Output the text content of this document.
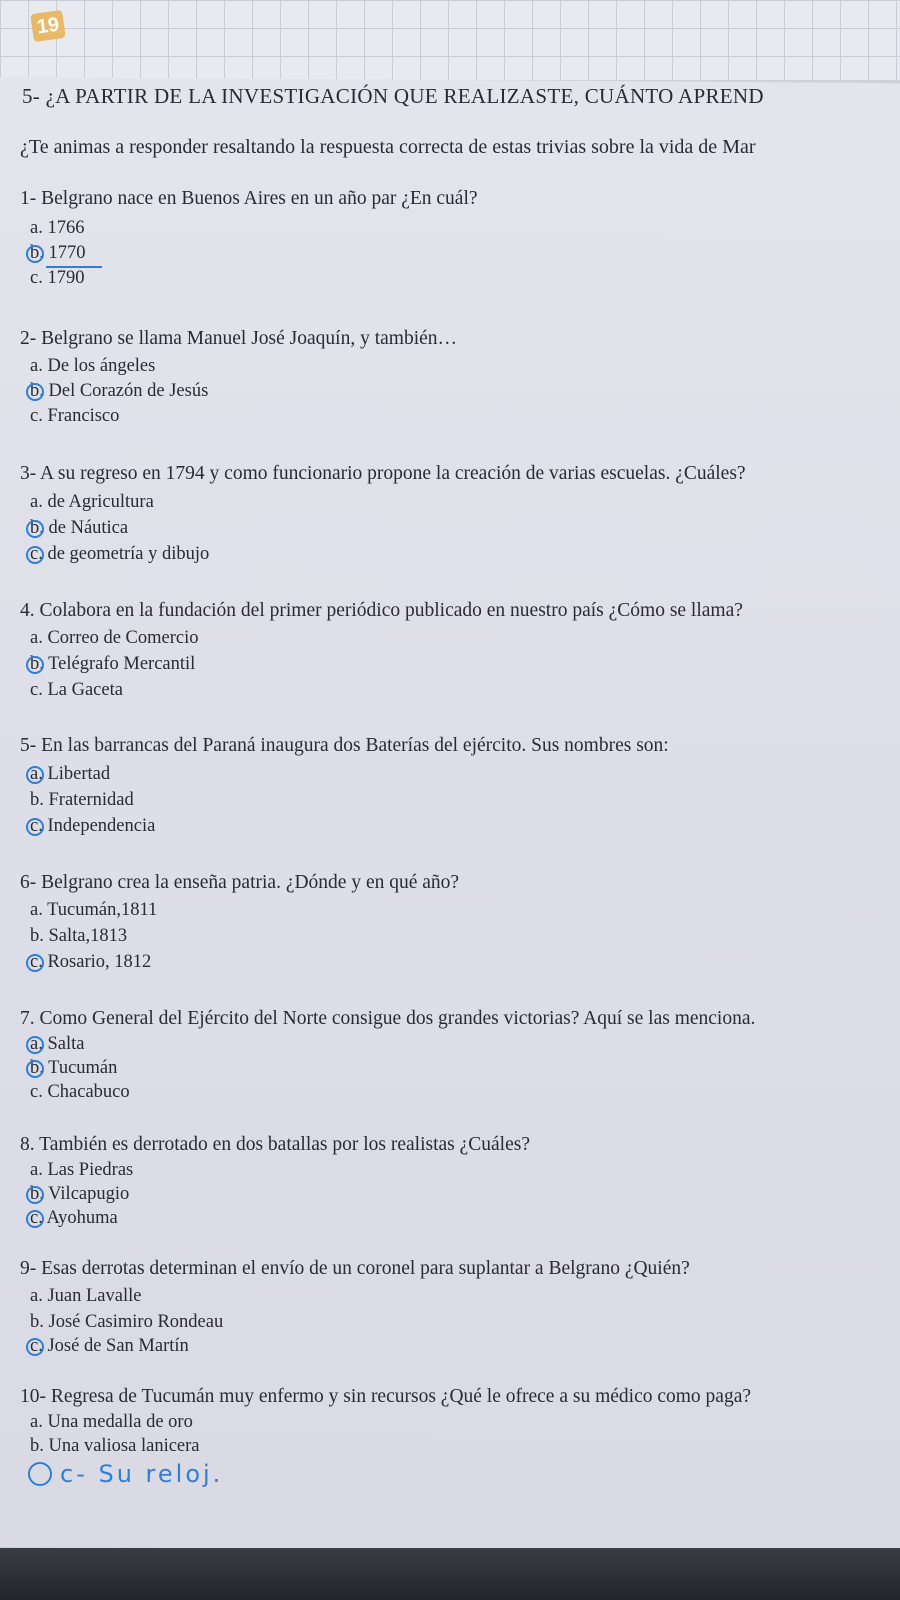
19
5- ¿A PARTIR DE LA INVESTIGACIÓN QUE REALIZASTE, CUÁNTO APREND
¿Te animas a responder resaltando la respuesta correcta de estas trivias sobre la vida de Mar
1- Belgrano nace en Buenos Aires en un año par ¿En cuál?
a. 1766
b. 1770
c. 1790
2- Belgrano se llama Manuel José Joaquín, y también…
a. De los ángeles
b. Del Corazón de Jesús
c. Francisco
3- A su regreso en 1794 y como funcionario propone la creación de varias escuelas. ¿Cuáles?
a. de Agricultura
b. de Náutica
c. de geometría y dibujo
4. Colabora en la fundación del primer periódico publicado en nuestro país ¿Cómo se llama?
a. Correo de Comercio
b. Telégrafo Mercantil
c. La Gaceta
5- En las barrancas del Paraná inaugura dos Baterías del ejército. Sus nombres son:
a. Libertad
b. Fraternidad
c. Independencia
6- Belgrano crea la enseña patria. ¿Dónde y en qué año?
a. Tucumán,1811
b. Salta,1813
c. Rosario, 1812
7. Como General del Ejército del Norte consigue dos grandes victorias? Aquí se las menciona.
a. Salta
b. Tucumán
c. Chacabuco
8. También es derrotado en dos batallas por los realistas ¿Cuáles?
a. Las Piedras
b. Vilcapugio
c. Ayohuma
9- Esas derrotas determinan el envío de un coronel para suplantar a Belgrano ¿Quién?
a. Juan Lavalle
b. José Casimiro Rondeau
c. José de San Martín
10- Regresa de Tucumán muy enfermo y sin recursos ¿Qué le ofrece a su médico como paga?
a. Una medalla de oro
b. Una valiosa lanicera
c- Su reloj.
